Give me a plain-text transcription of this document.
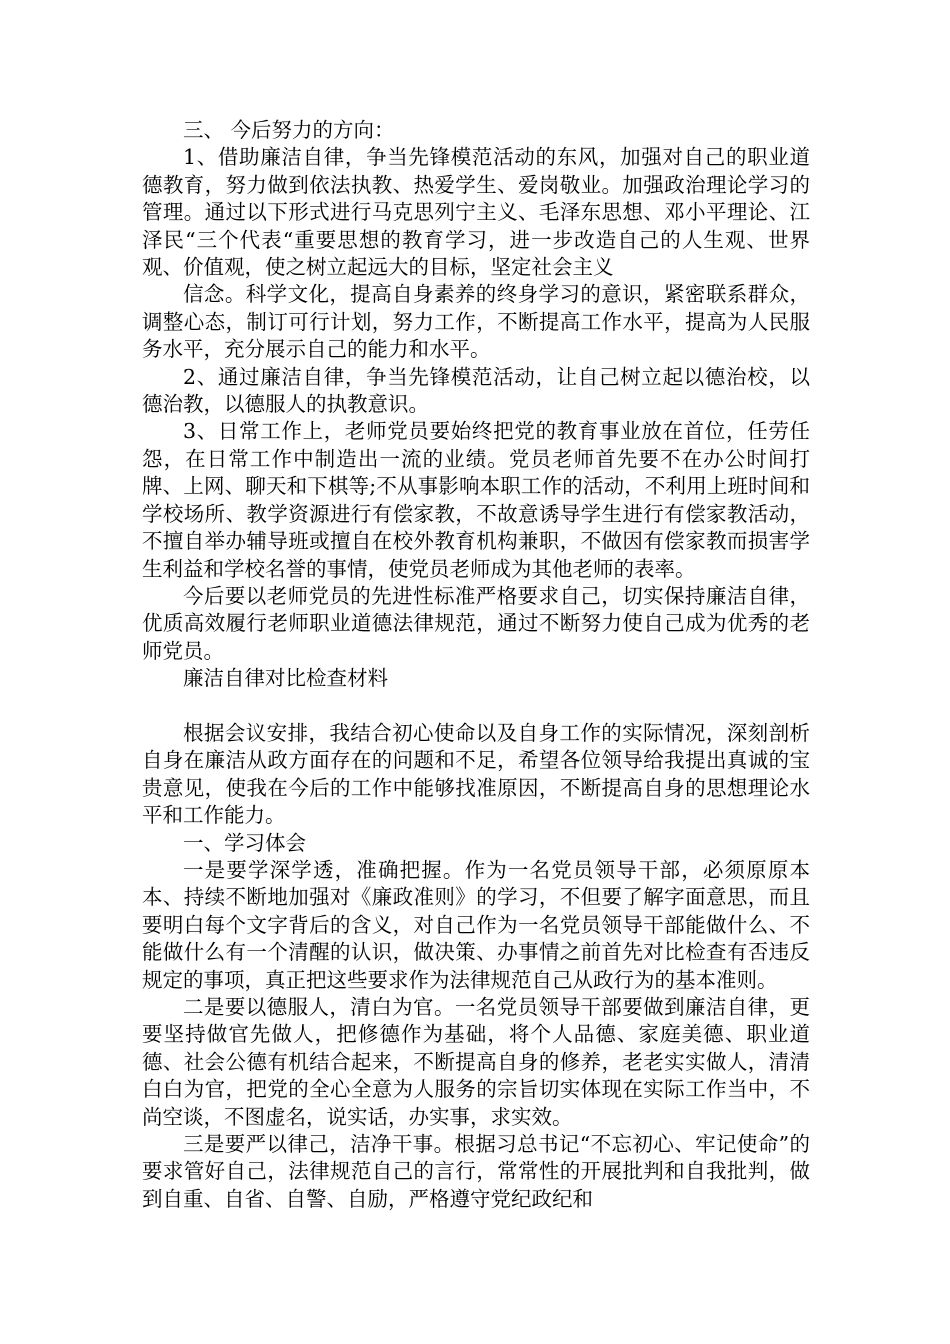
三、 今后努力的方向：

1、借助廉洁自律，争当先锋模范活动的东风，加强对自己的职业道德教育，努力做到依法执教、热爱学生、爱岗敬业。加强政治理论学习的管理。通过以下形式进行马克思列宁主义、毛泽东思想、邓小平理论、江泽民“三个代表“重要思想的教育学习，进一步改造自己的人生观、世界观、价值观，使之树立起远大的目标，坚定社会主义

信念。科学文化，提高自身素养的终身学习的意识，紧密联系群众，调整心态，制订可行计划，努力工作，不断提高工作水平，提高为人民服务水平，充分展示自己的能力和水平。

2、通过廉洁自律，争当先锋模范活动，让自己树立起以德治校，以德治教，以德服人的执教意识。

3、日常工作上，老师党员要始终把党的教育事业放在首位，任劳任怨，在日常工作中制造出一流的业绩。党员老师首先要不在办公时间打牌、上网、聊天和下棋等;不从事影响本职工作的活动，不利用上班时间和学校场所、教学资源进行有偿家教，不故意诱导学生进行有偿家教活动，不擅自举办辅导班或擅自在校外教育机构兼职，不做因有偿家教而损害学生利益和学校名誉的事情，使党员老师成为其他老师的表率。

今后要以老师党员的先进性标准严格要求自己，切实保持廉洁自律，优质高效履行老师职业道德法律规范，通过不断努力使自己成为优秀的老师党员。

廉洁自律对比检查材料

根据会议安排，我结合初心使命以及自身工作的实际情况，深刻剖析自身在廉洁从政方面存在的问题和不足，希望各位领导给我提出真诚的宝贵意见，使我在今后的工作中能够找准原因，不断提高自身的思想理论水平和工作能力。

一、学习体会

一是要学深学透，准确把握。作为一名党员领导干部，必须原原本本、持续不断地加强对《廉政准则》的学习，不但要了解字面意思，而且要明白每个文字背后的含义，对自己作为一名党员领导干部能做什么、不能做什么有一个清醒的认识，做决策、办事情之前首先对比检查有否违反规定的事项，真正把这些要求作为法律规范自己从政行为的基本准则。

二是要以德服人，清白为官。一名党员领导干部要做到廉洁自律，更要坚持做官先做人，把修德作为基础，将个人品德、家庭美德、职业道德、社会公德有机结合起来，不断提高自身的修养，老老实实做人，清清白白为官，把党的全心全意为人服务的宗旨切实体现在实际工作当中，不尚空谈，不图虚名，说实话，办实事，求实效。

三是要严以律己，洁净干事。根据习总书记“不忘初心、牢记使命”的要求管好自己，法律规范自己的言行，常常性的开展批判和自我批判，做到自重、自省、自警、自励，严格遵守党纪政纪和
